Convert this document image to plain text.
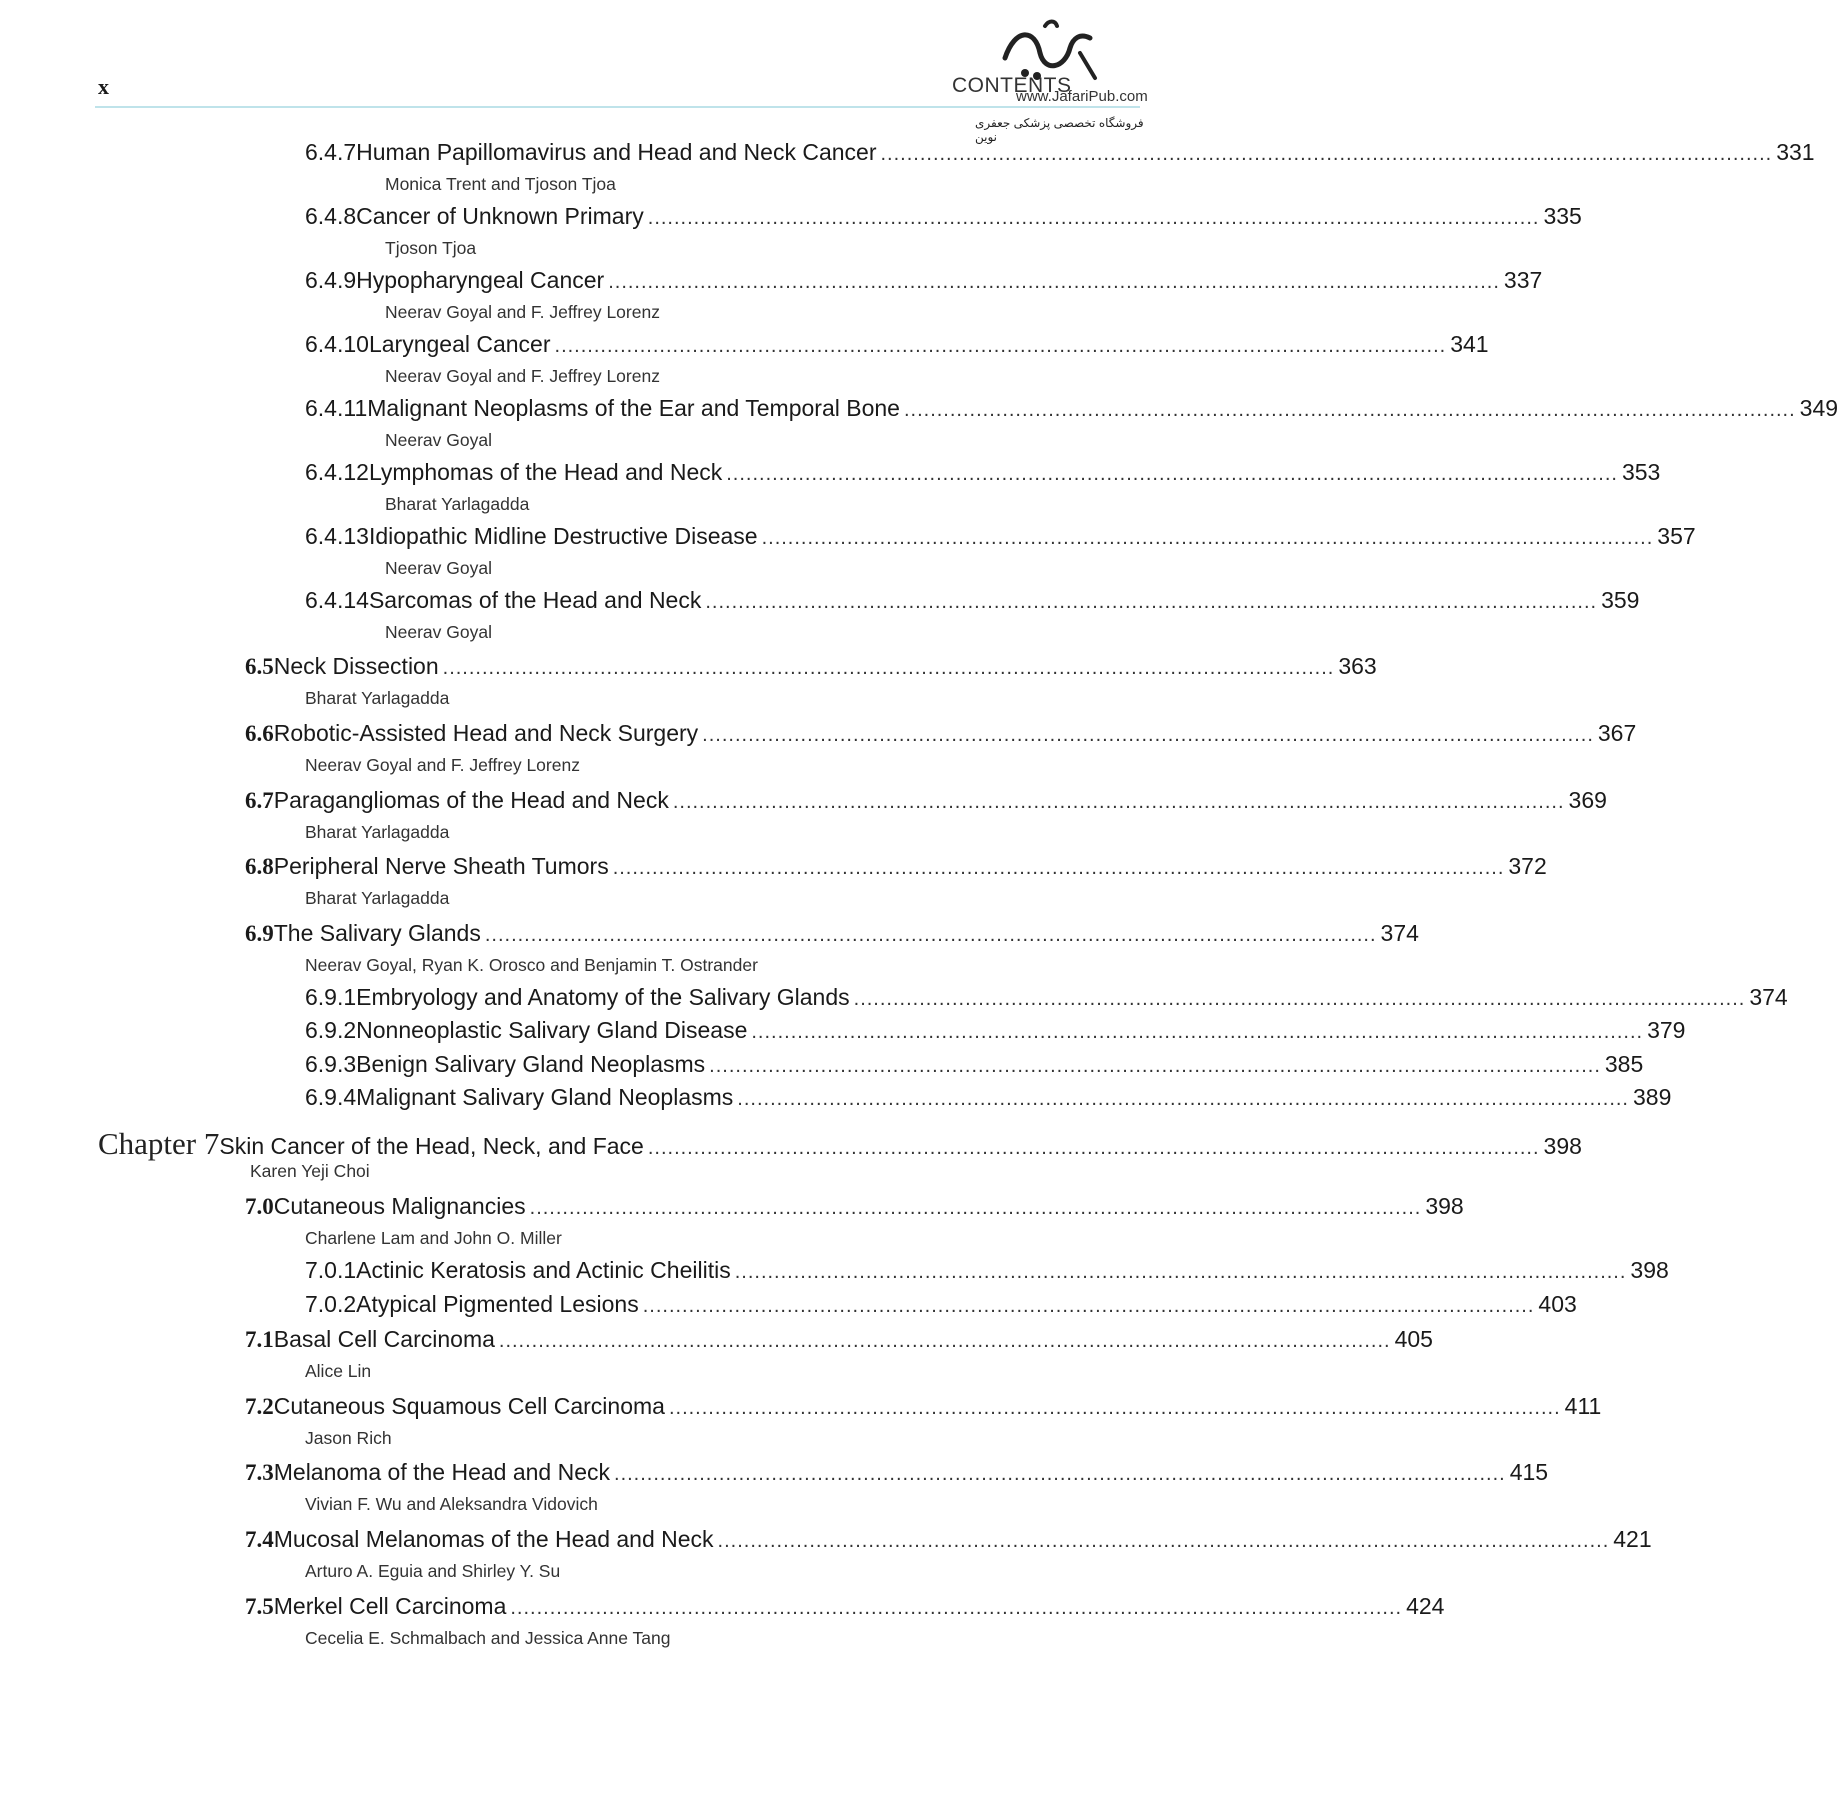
x	CONTENTS
www.JafariPub.com
فروشگاه تخصصی پزشکی جعفری نوین
6.4.7 Human Papillomavirus and Head and Neck Cancer ........................................................................................................................................ 331
Monica Trent and Tjoson Tjoa
6.4.8 Cancer of Unknown Primary ........................................................................................................................................ 335
Tjoson Tjoa
6.4.9 Hypopharyngeal Cancer ........................................................................................................................................ 337
Neerav Goyal and F. Jeffrey Lorenz
6.4.10 Laryngeal Cancer ........................................................................................................................................ 341
Neerav Goyal and F. Jeffrey Lorenz
6.4.11 Malignant Neoplasms of the Ear and Temporal Bone ........................................................................................................................................ 349
Neerav Goyal
6.4.12 Lymphomas of the Head and Neck ........................................................................................................................................ 353
Bharat Yarlagadda
6.4.13 Idiopathic Midline Destructive Disease ........................................................................................................................................ 357
Neerav Goyal
6.4.14 Sarcomas of the Head and Neck ........................................................................................................................................ 359
Neerav Goyal
6.5 Neck Dissection ........................................................................................................................................ 363
Bharat Yarlagadda
6.6 Robotic-Assisted Head and Neck Surgery ........................................................................................................................................ 367
Neerav Goyal and F. Jeffrey Lorenz
6.7 Paragangliomas of the Head and Neck ........................................................................................................................................ 369
Bharat Yarlagadda
6.8 Peripheral Nerve Sheath Tumors ........................................................................................................................................ 372
Bharat Yarlagadda
6.9 The Salivary Glands ........................................................................................................................................ 374
Neerav Goyal, Ryan K. Orosco and Benjamin T. Ostrander
6.9.1 Embryology and Anatomy of the Salivary Glands ........................................................................................................................................ 374
6.9.2 Nonneoplastic Salivary Gland Disease ........................................................................................................................................ 379
6.9.3 Benign Salivary Gland Neoplasms ........................................................................................................................................ 385
6.9.4 Malignant Salivary Gland Neoplasms ........................................................................................................................................ 389
Chapter 7 Skin Cancer of the Head, Neck, and Face ........................................................................................................................................ 398
Karen Yeji Choi
7.0 Cutaneous Malignancies ........................................................................................................................................ 398
Charlene Lam and John O. Miller
7.0.1 Actinic Keratosis and Actinic Cheilitis ........................................................................................................................................ 398
7.0.2 Atypical Pigmented Lesions ........................................................................................................................................ 403
7.1 Basal Cell Carcinoma ........................................................................................................................................ 405
Alice Lin
7.2 Cutaneous Squamous Cell Carcinoma ........................................................................................................................................ 411
Jason Rich
7.3 Melanoma of the Head and Neck ........................................................................................................................................ 415
Vivian F. Wu and Aleksandra Vidovich
7.4 Mucosal Melanomas of the Head and Neck ........................................................................................................................................ 421
Arturo A. Eguia and Shirley Y. Su
7.5 Merkel Cell Carcinoma ........................................................................................................................................ 424
Cecelia E. Schmalbach and Jessica Anne Tang
